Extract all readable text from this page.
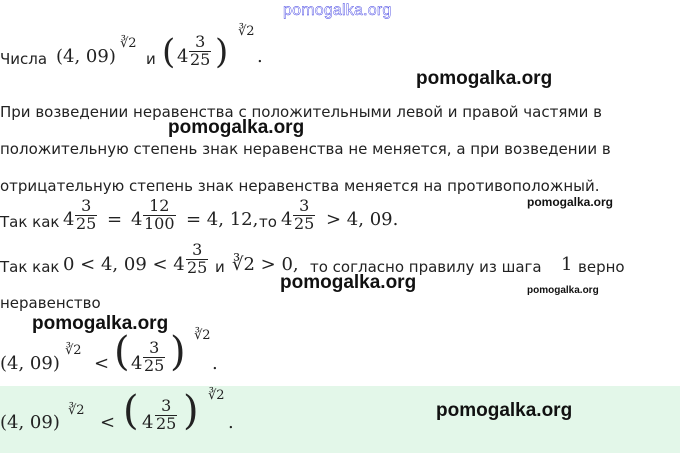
pomogalka.org
pomogalka.org
pomogalka.org
pomogalka.org
pomogalka.org	pomogalka.org
pomogalka.org
pomogalka.org
Числа (4, 09)
∛2
и ( $4 \frac{3}{25}$ )
∛2
.
При возведении неравенства с положительными левой и правой частями в
положительную степень знак неравенства не меняется, а при возведении в
отрицательную степень знак неравенства меняется на противоположный.
Так как $4 \frac{3}{25} = 4 \frac{12}{100} = 4$, 12, то $4 \frac{3}{25} > 4$, 09.
Так как 0 < 4, $09 < 4 \frac{3}{25}$ и ∛2 > 0, то согласно правилу из шага 1 верно
неравенство
(4, 09)
∛2
< ( $4 \frac{3}{25}$ ) ∛2
.
(4, 09)
∛2
< ( $4 \frac{3}{25}$ ) ∛2
.
